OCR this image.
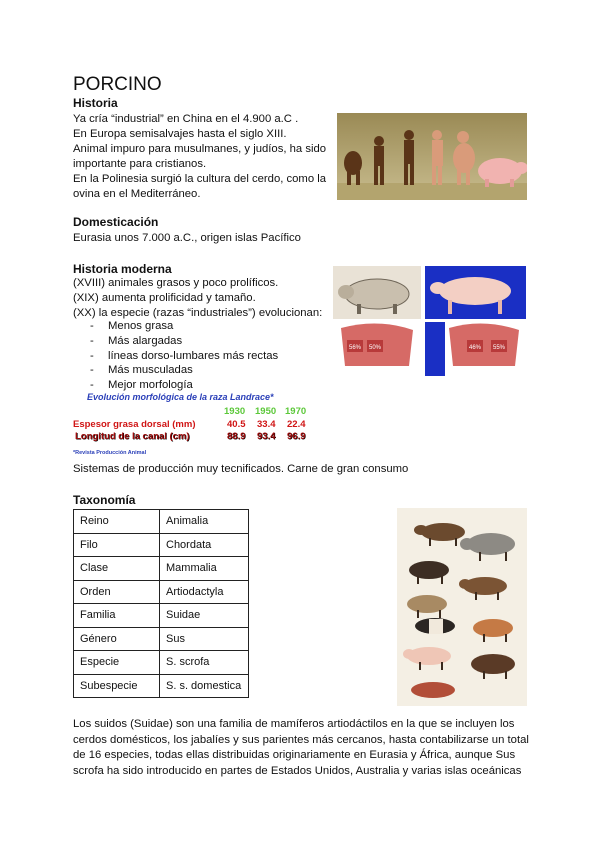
PORCINO
Historia
Ya cría “industrial” en China en el 4.900 a.C .
En Europa semisalvajes hasta el siglo XIII.
Animal impuro para musulmanes, y judíos, ha sido
importante para cristianos.
En la Polinesia surgió la cultura del cerdo, como la
ovina en el Mediterráneo.
Domesticación
Eurasia unos 7.000 a.C., origen islas Pacífico
Historia moderna
(XVIII) animales grasos y poco prolíficos.
(XIX) aumenta prolificidad y tamaño.
(XX) la especie (razas “industriales”) evolucionan:
- Menos grasa
- Más alargadas
- líneas dorso-lumbares más rectas
- Más musculadas
- Mejor morfología
56% 50%	46% 55%
Evolución morfológica de la raza Landrace*
1930 1950 1970
Espesor grasa dorsal (mm)	40.5 33.4 22.4
Longitud de la canal (cm)	88.9 93.4 96.9
*Revista Producción Animal
Sistemas de producción muy tecnificados. Carne de gran consumo
Taxonomía
Reino	Animalia
Filo	Chordata
Clase	Mammalia
Orden	Artiodactyla
Familia	Suidae
Género	Sus
Especie	S. scrofa
Subespecie	S. s. domestica
Los suidos (Suidae) son una familia de mamíferos artiodáctilos en la que se incluyen los
cerdos domésticos, los jabalíes y sus parientes más cercanos, hasta contabilizarse un total
de 16 especies, todas ellas distribuidas originariamente en Eurasia y África, aunque Sus
scrofa ha sido introducido en partes de Estados Unidos, Australia y varias islas oceánicas
